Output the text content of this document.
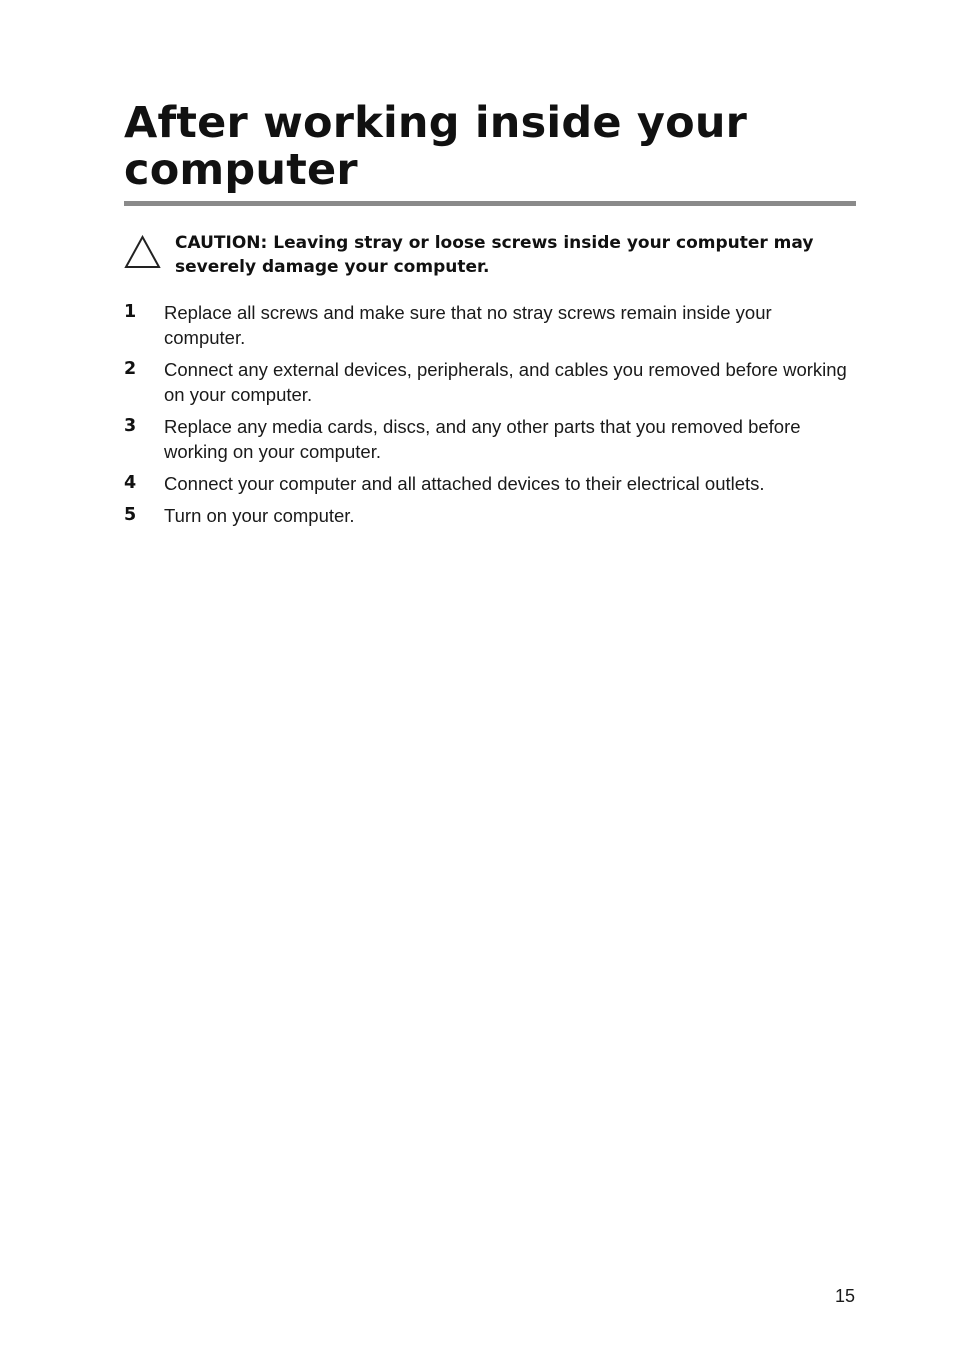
After working inside your computer
CAUTION: Leaving stray or loose screws inside your computer may severely damage your computer.
1 Replace all screws and make sure that no stray screws remain inside your computer.
2 Connect any external devices, peripherals, and cables you removed before working on your computer.
3 Replace any media cards, discs, and any other parts that you removed before working on your computer.
4 Connect your computer and all attached devices to their electrical outlets.
5 Turn on your computer.
15
